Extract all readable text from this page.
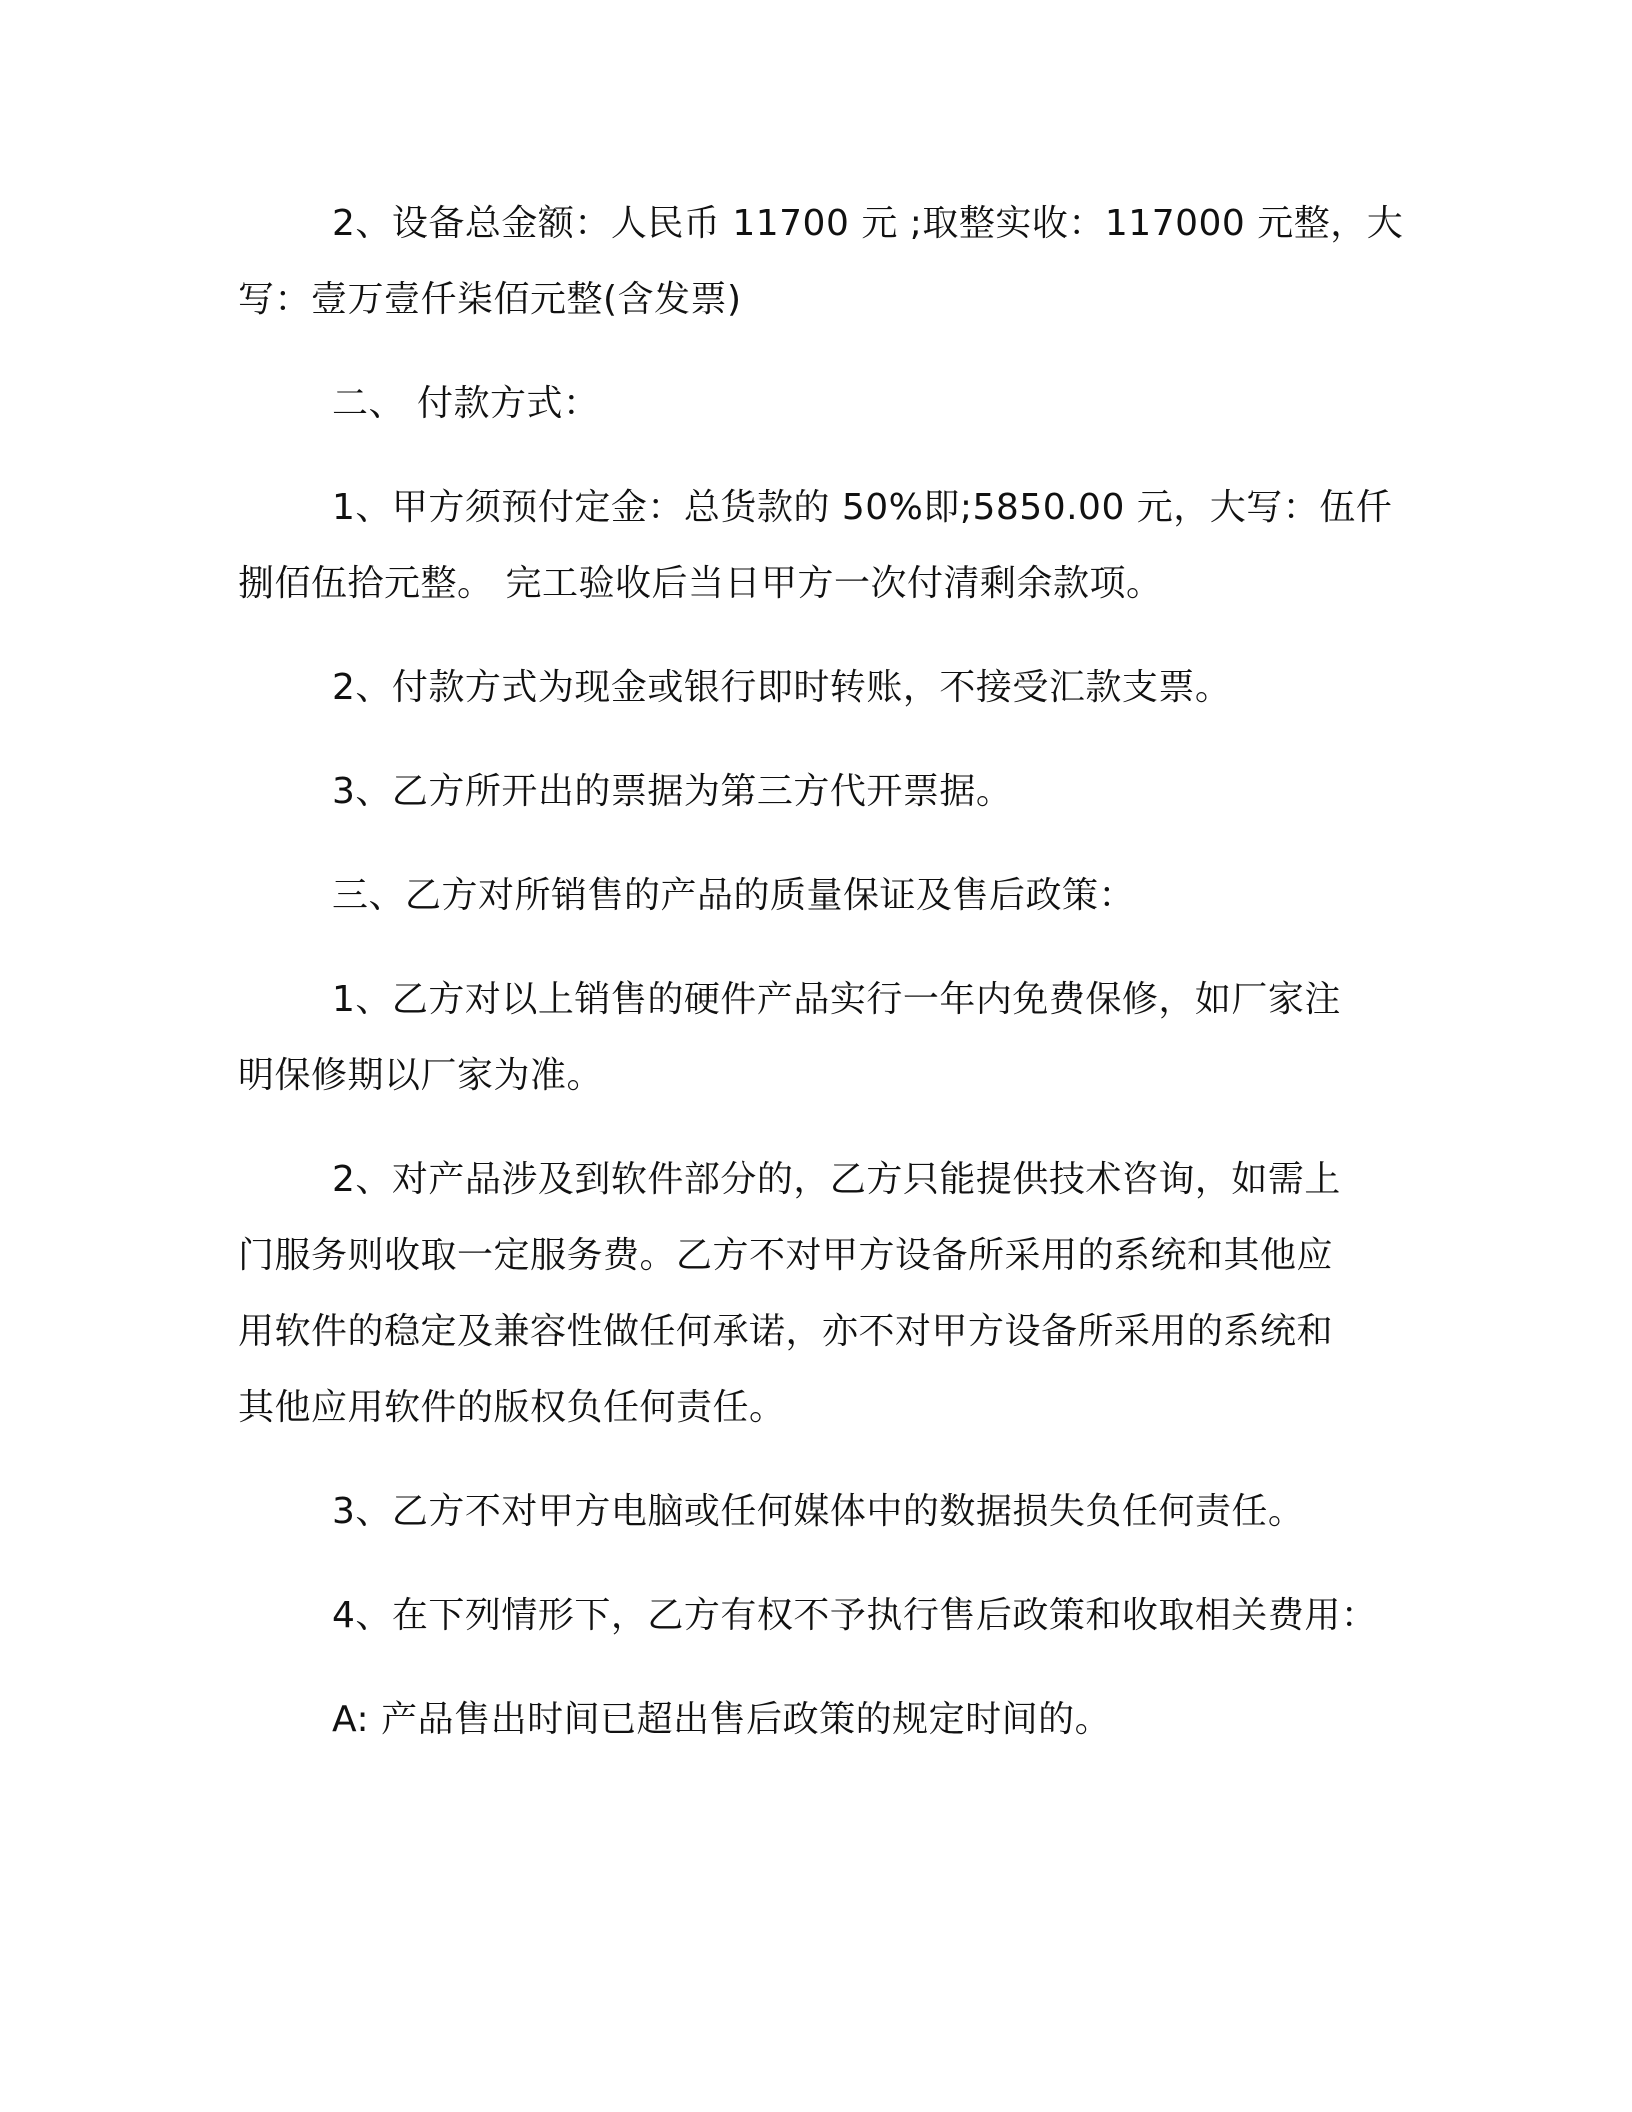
2、设备总金额：人民币 11700 元 ;取整实收：117000 元整，大
写：壹万壹仟柒佰元整(含发票)

二、 付款方式：

1、甲方须预付定金：总货款的 50%即;5850.00 元，大写：伍仟
捌佰伍拾元整。 完工验收后当日甲方一次付清剩余款项。

2、付款方式为现金或银行即时转账，不接受汇款支票。

3、乙方所开出的票据为第三方代开票据。

三、乙方对所销售的产品的质量保证及售后政策：

1、乙方对以上销售的硬件产品实行一年内免费保修，如厂家注
明保修期以厂家为准。

2、对产品涉及到软件部分的，乙方只能提供技术咨询，如需上
门服务则收取一定服务费。乙方不对甲方设备所采用的系统和其他应
用软件的稳定及兼容性做任何承诺，亦不对甲方设备所采用的系统和
其他应用软件的版权负任何责任。

3、乙方不对甲方电脑或任何媒体中的数据损失负任何责任。

4、在下列情形下，乙方有权不予执行售后政策和收取相关费用：

A: 产品售出时间已超出售后政策的规定时间的。
